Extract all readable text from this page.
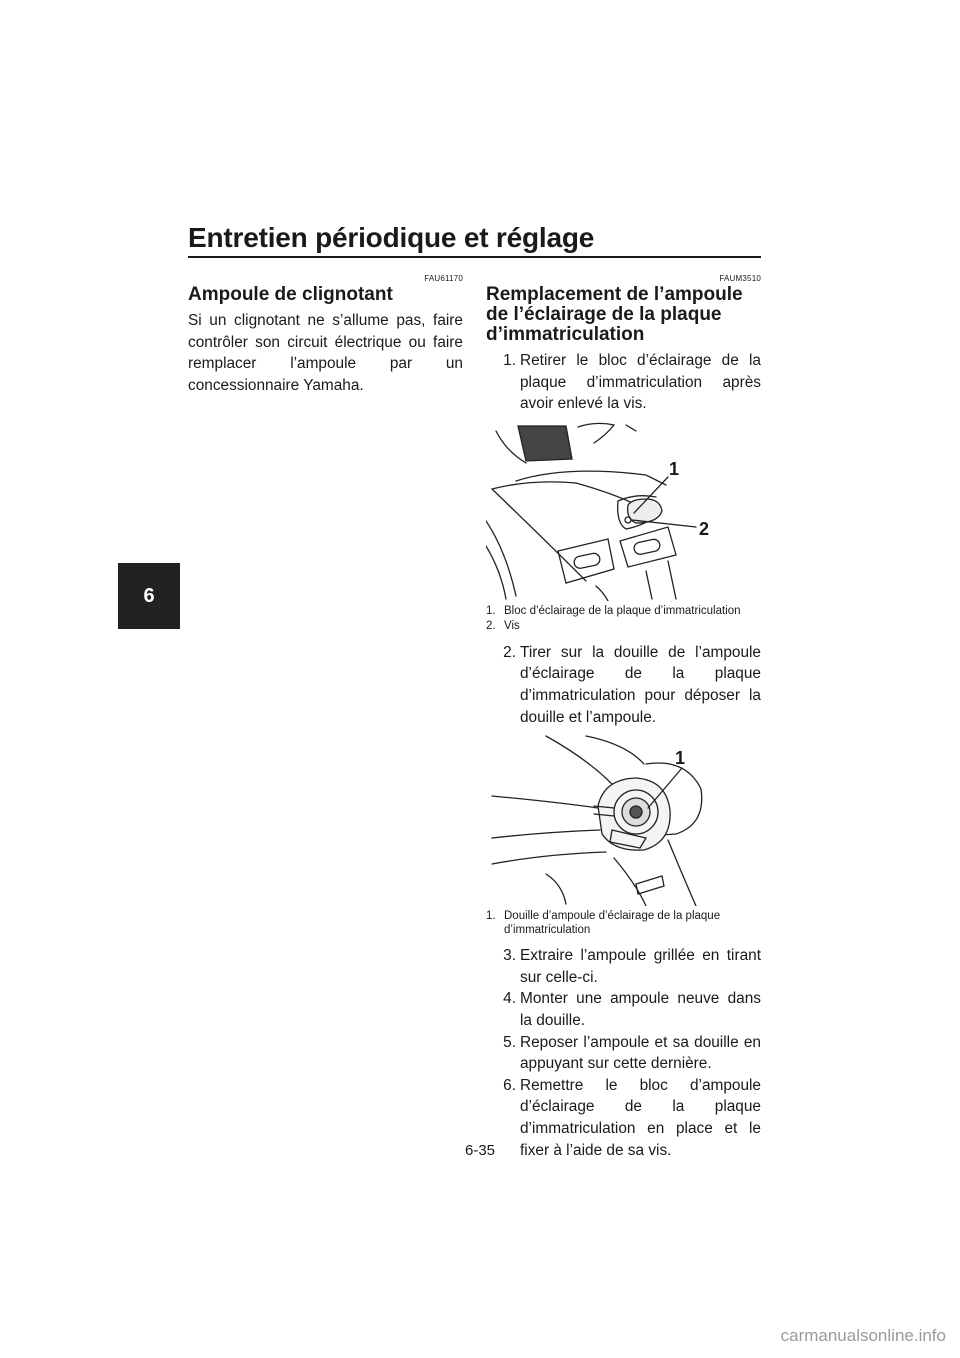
Entretien périodique et réglage
6
FAU61170
Ampoule de clignotant

Si un clignotant ne s’allume pas, faire contrôler son circuit électrique ou faire remplacer l’ampoule par un concessionnaire Yamaha.

FAUM3510
Remplacement de l’ampoule de l’éclairage de la plaque d’immatriculation
1. Retirer le bloc d’éclairage de la plaque d’immatriculation après avoir enlevé la vis.
1
2
1. Bloc d’éclairage de la plaque d’immatriculation
2. Vis
2. Tirer sur la douille de l’ampoule d’éclairage de la plaque d’immatriculation pour déposer la douille et l’ampoule.
1
1. Douille d’ampoule d’éclairage de la plaque d’immatriculation
3. Extraire l’ampoule grillée en tirant sur celle-ci.
4. Monter une ampoule neuve dans la douille.
5. Reposer l’ampoule et sa douille en appuyant sur cette dernière.
6. Remettre le bloc d’ampoule d’éclairage de la plaque d’immatriculation en place et le fixer à l’aide de sa vis.
6-35
carmanualsonline.info
